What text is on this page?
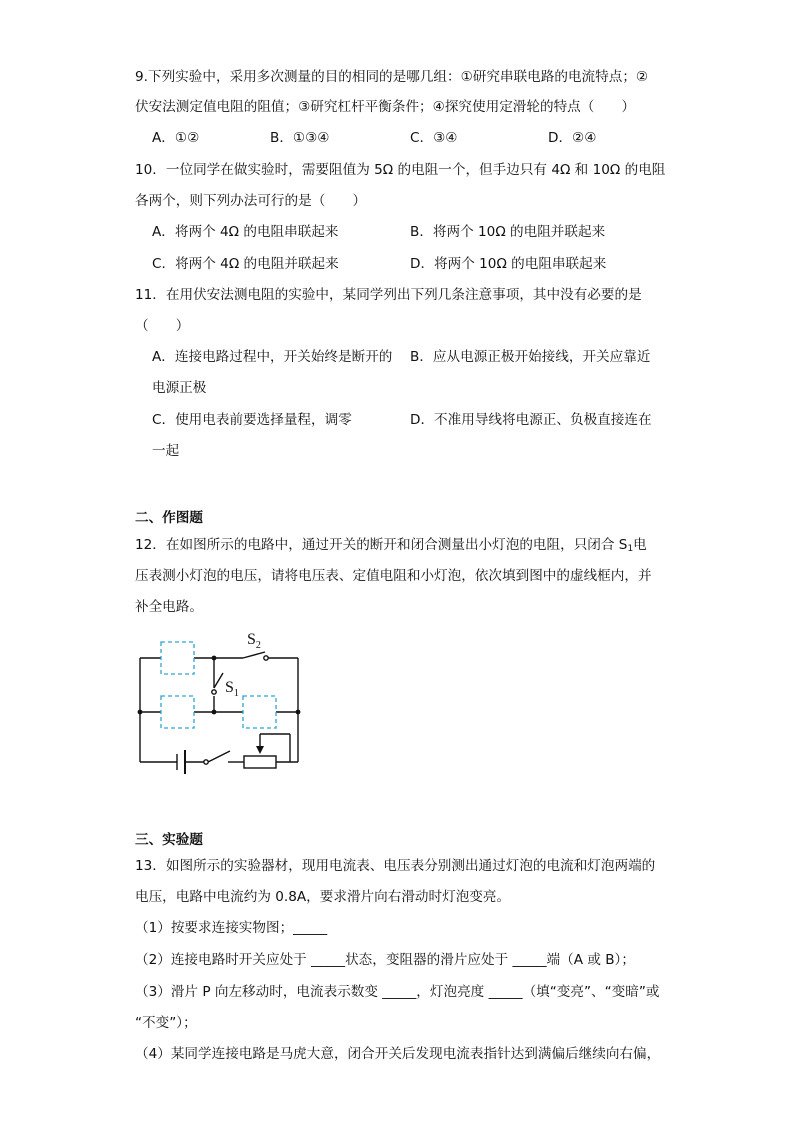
9.下列实验中，采用多次测量的目的相同的是哪几组：①研究串联电路的电流特点；②
伏安法测定值电阻的阻值；③研究杠杆平衡条件；④探究使用定滑轮的特点（　　）
A．①②	B．①③④	C．③④	D．②④
10．一位同学在做实验时，需要阻值为 5Ω 的电阻一个，但手边只有 4Ω 和 10Ω 的电阻
各两个，则下列办法可行的是（　　）
A．将两个 4Ω 的电阻串联起来	B．将两个 10Ω 的电阻并联起来
C．将两个 4Ω 的电阻并联起来	D．将两个 10Ω 的电阻串联起来
11．在用伏安法测电阻的实验中，某同学列出下列几条注意事项，其中没有必要的是
（　　）
A．连接电路过程中，开关始终是断开的 B．应从电源正极开始接线，开关应靠近
电源正极
C．使用电表前要选择量程，调零	D．不准用导线将电源正、负极直接连在
一起
二、作图题
12．在如图所示的电路中，通过开关的断开和闭合测量出小灯泡的电阻，只闭合 $S_1$电
压表测小灯泡的电压，请将电压表、定值电阻和小灯泡，依次填到图中的虚线框内，并
补全电路。
$S_2$
$S_1$
三、实验题
13．如图所示的实验器材，现用电流表、电压表分别测出通过灯泡的电流和灯泡两端的
电压，电路中电流约为 0.8A，要求滑片向右滑动时灯泡变亮。
（1）按要求连接实物图；_____
（2）连接电路时开关应处于 _____状态，变阻器的滑片应处于 _____端（A 或 B）；
（3）滑片 P 向左移动时，电流表示数变 _____，灯泡亮度 _____（填“变亮”、“变暗”或
“不变”）；
（4）某同学连接电路是马虎大意，闭合开关后发现电流表指针达到满偏后继续向右偏，
